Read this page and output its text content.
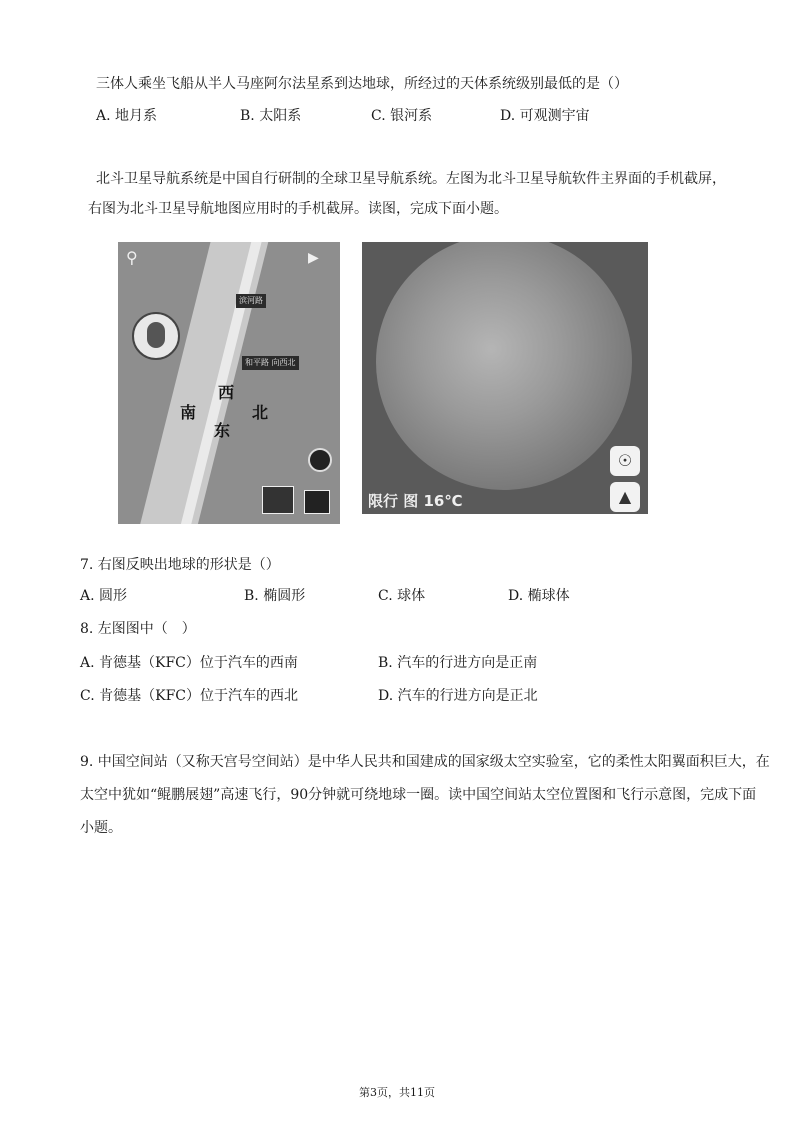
三体人乘坐飞船从半人马座阿尔法星系到达地球，所经过的天体系统级别最低的是（）
A. 地月系	B. 太阳系	C. 银河系	D. 可观测宇宙
北斗卫星导航系统是中国自行研制的全球卫星导航系统。左图为北斗卫星导航软件主界面的手机截屏，
右图为北斗卫星导航地图应用时的手机截屏。读图，完成下面小题。
⚲	▶
滨河路
和平路 向西北
西
南	北
东
☉
▲
限行 图 16℃
7. 右图反映出地球的形状是（）
A. 圆形	B. 椭圆形	C. 球体	D. 椭球体
8. 左图图中（　）
A. 肯德基（KFC）位于汽车的西南	B. 汽车的行进方向是正南
C. 肯德基（KFC）位于汽车的西北	D. 汽车的行进方向是正北
9. 中国空间站（又称天宫号空间站）是中华人民共和国建成的国家级太空实验室，它的柔性太阳翼面积巨大，在太空中犹如“鲲鹏展翅”高速飞行，90分钟就可绕地球一圈。读中国空间站太空位置图和飞行示意图，完成下面小题。
第3页，共11页
